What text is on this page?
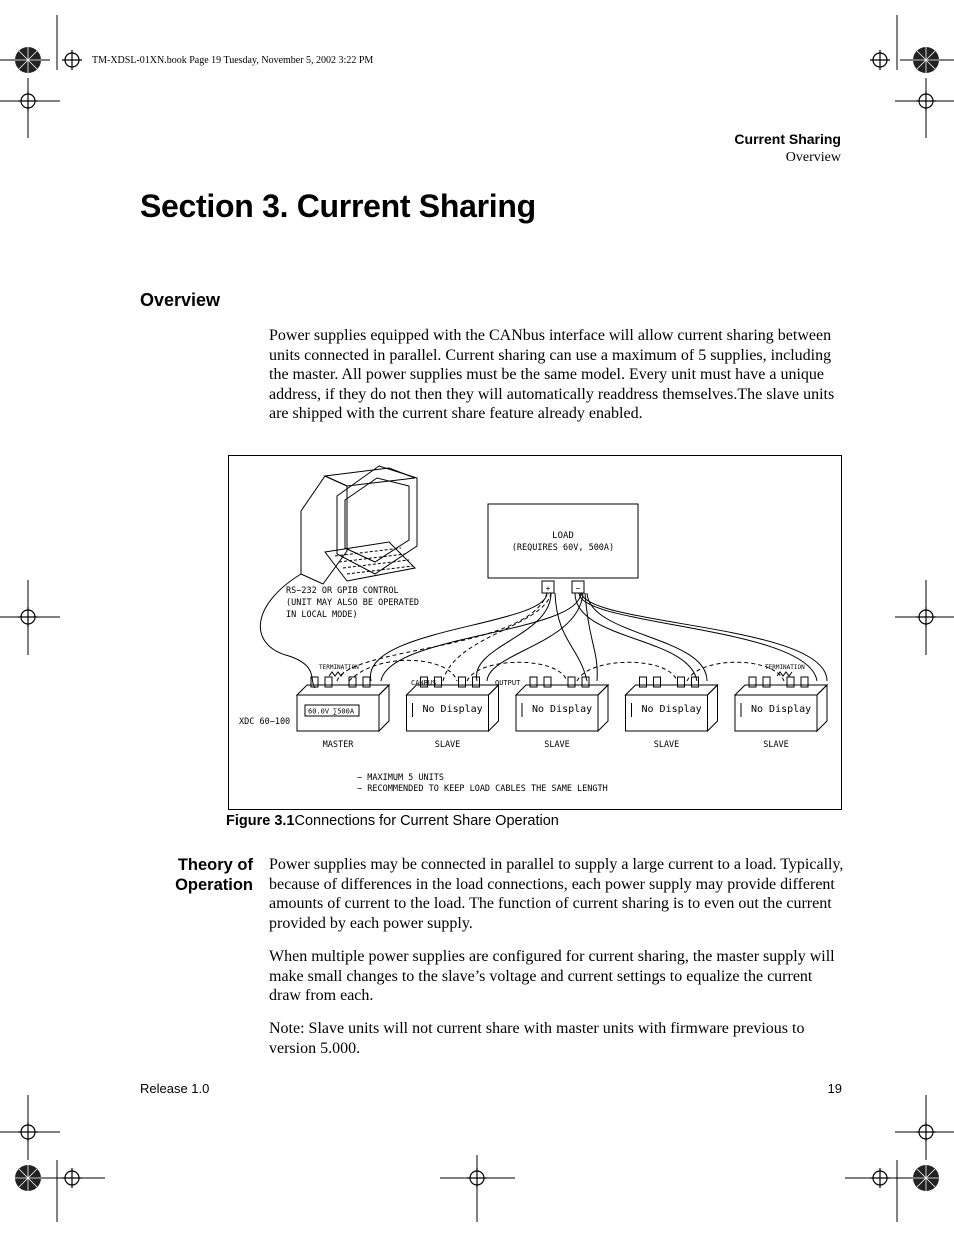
TM-XDSL-01XN.book Page 19 Tuesday, November 5, 2002 3:22 PM
Current Sharing
Overview
Section 3. Current Sharing
Overview
Power supplies equipped with the CANbus interface will allow current sharing between units connected in parallel. Current sharing can use a maximum of 5 supplies, including the master. All power supplies must be the same model. Every unit must have a unique address, if they do not then they will automatically readdress themselves.The slave units are shipped with the current share feature already enabled.
TERMINATION	TERMINATION
CANBUS	OUTPUT
LOAD
(REQUIRES 60V, 500A)
+	−
RS−232 OR GPIB CONTROL
(UNIT MAY ALSO BE OPERATED
IN LOCAL MODE)
XDC 60−100
60.0V ∑500A
MASTER
No Display
SLAVE
No Display
SLAVE
No Display
SLAVE
No Display
SLAVE
− MAXIMUM 5 UNITS
− RECOMMENDED TO KEEP LOAD CABLES THE SAME LENGTH
Figure 3.1Connections for Current Share Operation
Theory of
Operation
Power supplies may be connected in parallel to supply a large current to a load. Typically, because of differences in the load connections, each power supply may provide different amounts of current to the load. The function of current sharing is to even out the current provided by each power supply.
When multiple power supplies are configured for current sharing, the master supply will make small changes to the slave’s voltage and current settings to equalize the current draw from each.
Note: Slave units will not current share with master units with firmware previous to version 5.000.
Release 1.0	19
